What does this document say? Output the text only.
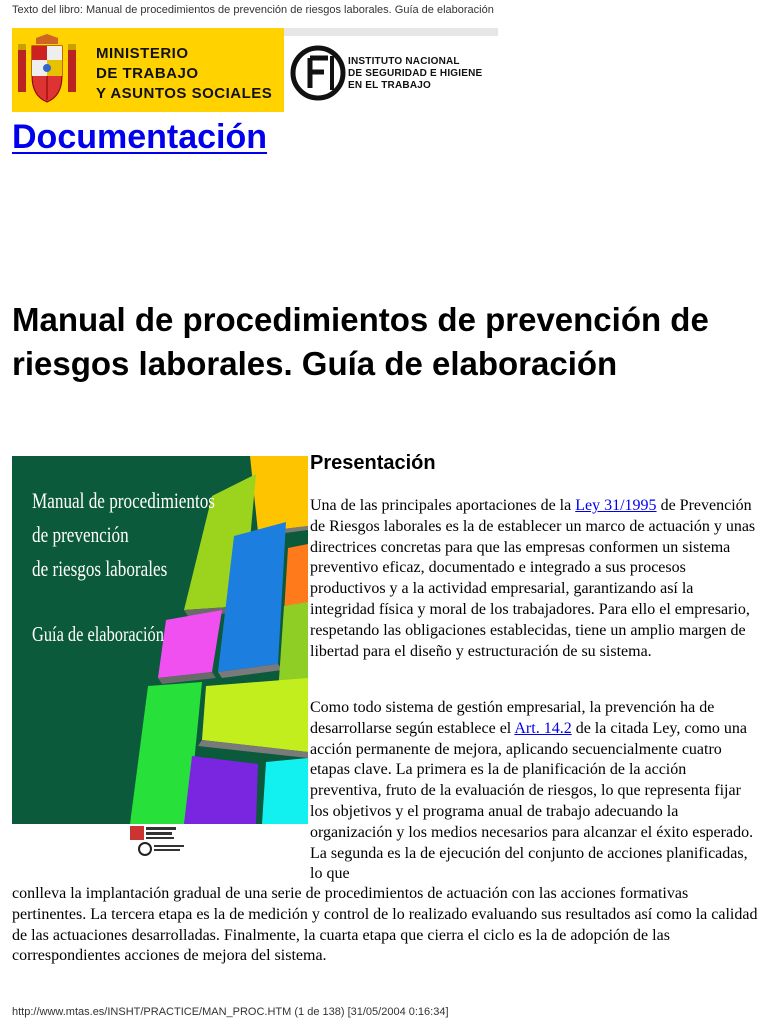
Texto del libro: Manual de procedimientos de prevención de riesgos laborales. Guía de elaboración
MINISTERIO
DE TRABAJO
Y ASUNTOS SOCIALES
INSTITUTO NACIONAL
DE SEGURIDAD E HIGIENE
EN EL TRABAJO
Documentación
Manual de procedimientos de prevención de riesgos laborales. Guía de elaboración
Manual de procedimientos
de prevención
de riesgos laborales
Guía de elaboración
Presentación

Una de las principales aportaciones de la Ley 31/1995 de Prevención de Riesgos laborales es la de establecer un marco de actuación y unas directrices concretas para que las empresas conformen un sistema preventivo eficaz, documentado e integrado a sus procesos productivos y a la actividad empresarial, garantizando así la integridad física y moral de los trabajadores. Para ello el empresario, respetando las obligaciones establecidas, tiene un amplio margen de libertad para el diseño y estructuración de su sistema.

Como todo sistema de gestión empresarial, la prevención ha de desarrollarse según establece el Art. 14.2 de la citada Ley, como una acción permanente de mejora, aplicando secuencialmente cuatro etapas clave. La primera es la de planificación de la acción preventiva, fruto de la evaluación de riesgos, lo que representa fijar los objetivos y el programa anual de trabajo adecuando la organización y los medios necesarios para alcanzar el éxito esperado. La segunda es la de ejecución del conjunto de acciones planificadas, lo que

conlleva la implantación gradual de una serie de procedimientos de actuación con las acciones formativas pertinentes. La tercera etapa es la de medición y control de lo realizado evaluando sus resultados así como la calidad de las actuaciones desarrolladas. Finalmente, la cuarta etapa que cierra el ciclo es la de adopción de las correspondientes acciones de mejora del sistema.

http://www.mtas.es/INSHT/PRACTICE/MAN_PROC.HTM (1 de 138) [31/05/2004 0:16:34]
